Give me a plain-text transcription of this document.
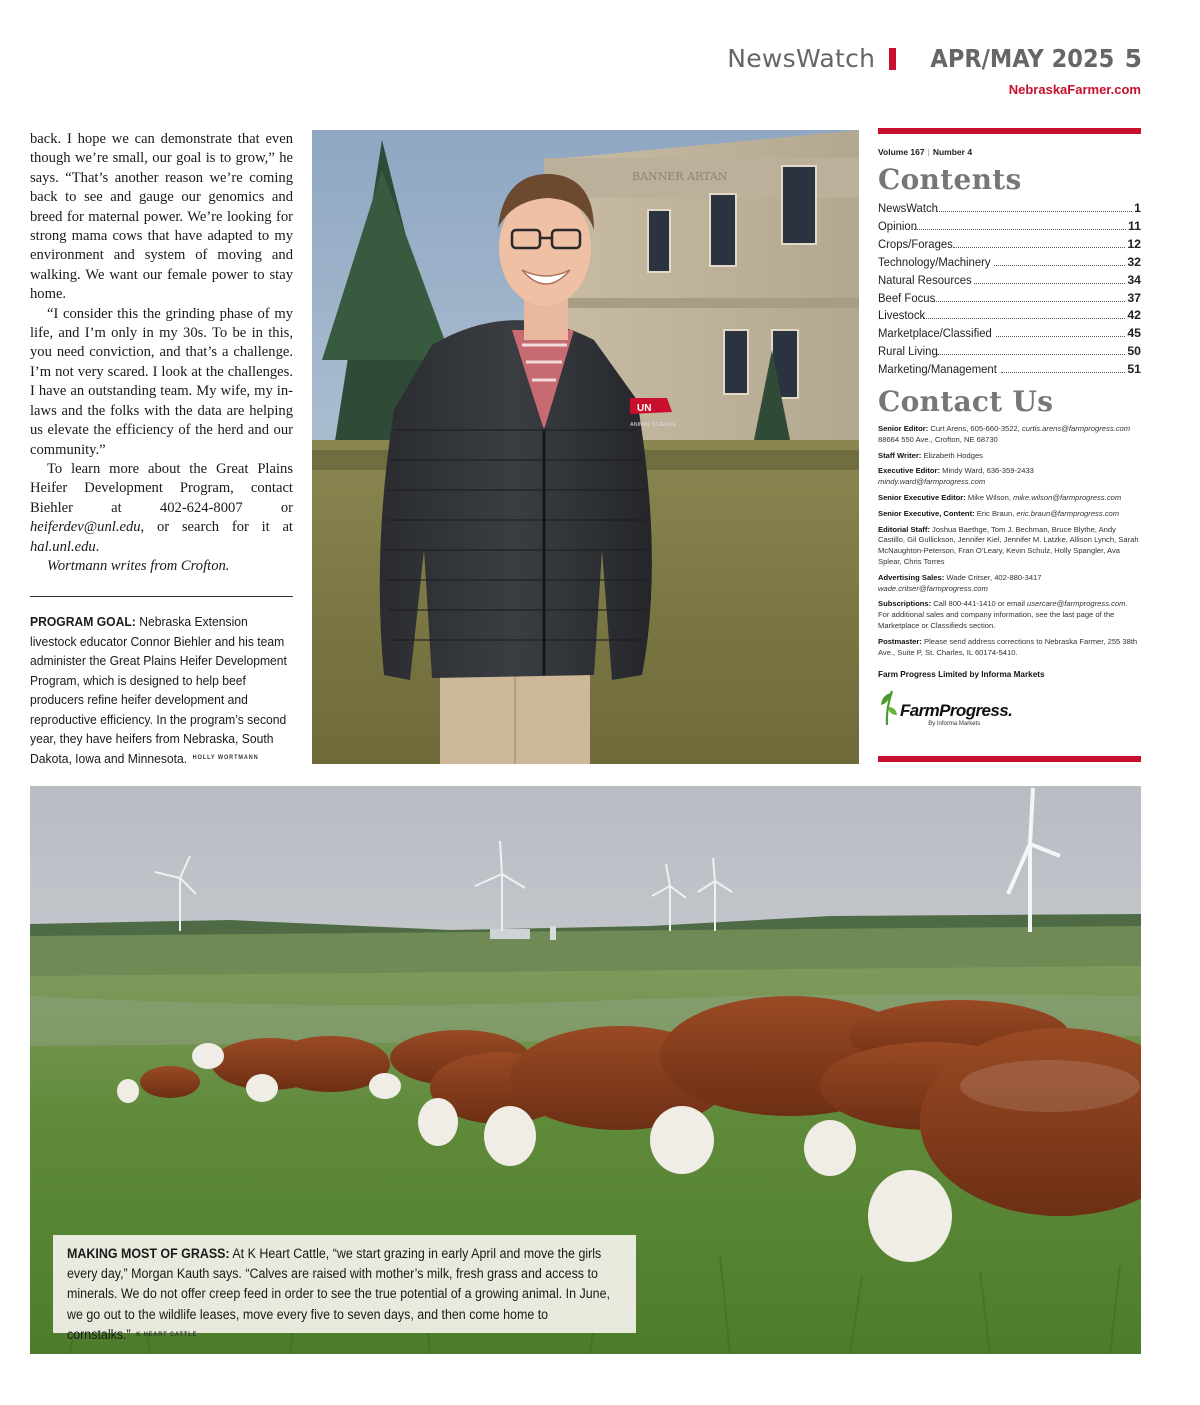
NewsWatch APR/MAY 2025 5
NebraskaFarmer.com

back. I hope we can demonstrate that even though we’re small, our goal is to grow,” he says. “That’s another reason we’re coming back to see and gauge our genomics and breed for maternal power. We’re looking for strong mama cows that have adapted to my environment and system of moving and walking. We want our female power to stay home.

“I consider this the grinding phase of my life, and I’m only in my 30s. To be in this, you need conviction, and that’s a challenge. I’m not very scared. I look at the challenges. I have an outstanding team. My wife, my in-laws and the folks with the data are helping us elevate the efficiency of the herd and our community.”

To learn more about the Great Plains Heifer Development Program, contact Biehler at 402-624-8007 or heiferdev@unl.edu, or search for it at hal.unl.edu.

Wortmann writes from Crofton.

PROGRAM GOAL: Nebraska Extension livestock educator Connor Biehler and his team administer the Great Plains Heifer Development Program, which is designed to help beef producers refine heifer development and reproductive efficiency. In the program’s second year, they have heifers from Nebraska, South Dakota, Iowa and Minnesota. HOLLY WORTMANN
BANNER ARTAN
UN
ANIMAL SCIENCE
Volume 167 | Number 4
Contents
NewsWatch	1
Opinion	11
Crops/Forages	12
Technology/Machinery	32
Natural Resources	34
Beef Focus	37
Livestock	42
Marketplace/Classified	45
Rural Living	50
Marketing/Management	51
Contact Us

Senior Editor: Curt Arens, 605-660-3522, curtis.arens@farmprogress.com
88664 550 Ave., Crofton, NE 68730

Staff Writer: Elizabeth Hodges

Executive Editor: Mindy Ward, 636-359-2433
mindy.ward@farmprogress.com

Senior Executive Editor: Mike Wilson, mike.wilson@farmprogress.com

Senior Executive, Content: Eric Braun, eric.braun@farmprogress.com

Editorial Staff: Joshua Baethge, Tom J. Bechman, Bruce Blythe, Andy Castillo, Gil Gullickson, Jennifer Kiel, Jennifer M. Latzke, Allison Lynch, Sarah McNaughton-Peterson, Fran O’Leary, Kevin Schulz, Holly Spangler, Ava Splear, Chris Torres

Advertising Sales: Wade Critser, 402-880-3417
wade.critser@farmprogress.com

Subscriptions: Call 800-441-1410 or email usercare@farmprogress.com. For additional sales and company information, see the last page of the Marketplace or Classifieds section.

Postmaster: Please send address corrections to Nebraska Farmer, 255 38th Ave., Suite P, St. Charles, IL 60174-5410.

Farm Progress Limited by Informa Markets
FarmProgress.
By Informa Markets
MAKING MOST OF GRASS: At K Heart Cattle, “we start grazing in early April and move the girls every day,” Morgan Kauth says. “Calves are raised with mother’s milk, fresh grass and access to minerals. We do not offer creep feed in order to see the true potential of a growing animal. In June, we go out to the wildlife leases, move every five to seven days, and then come home to cornstalks.” K HEART CATTLE
